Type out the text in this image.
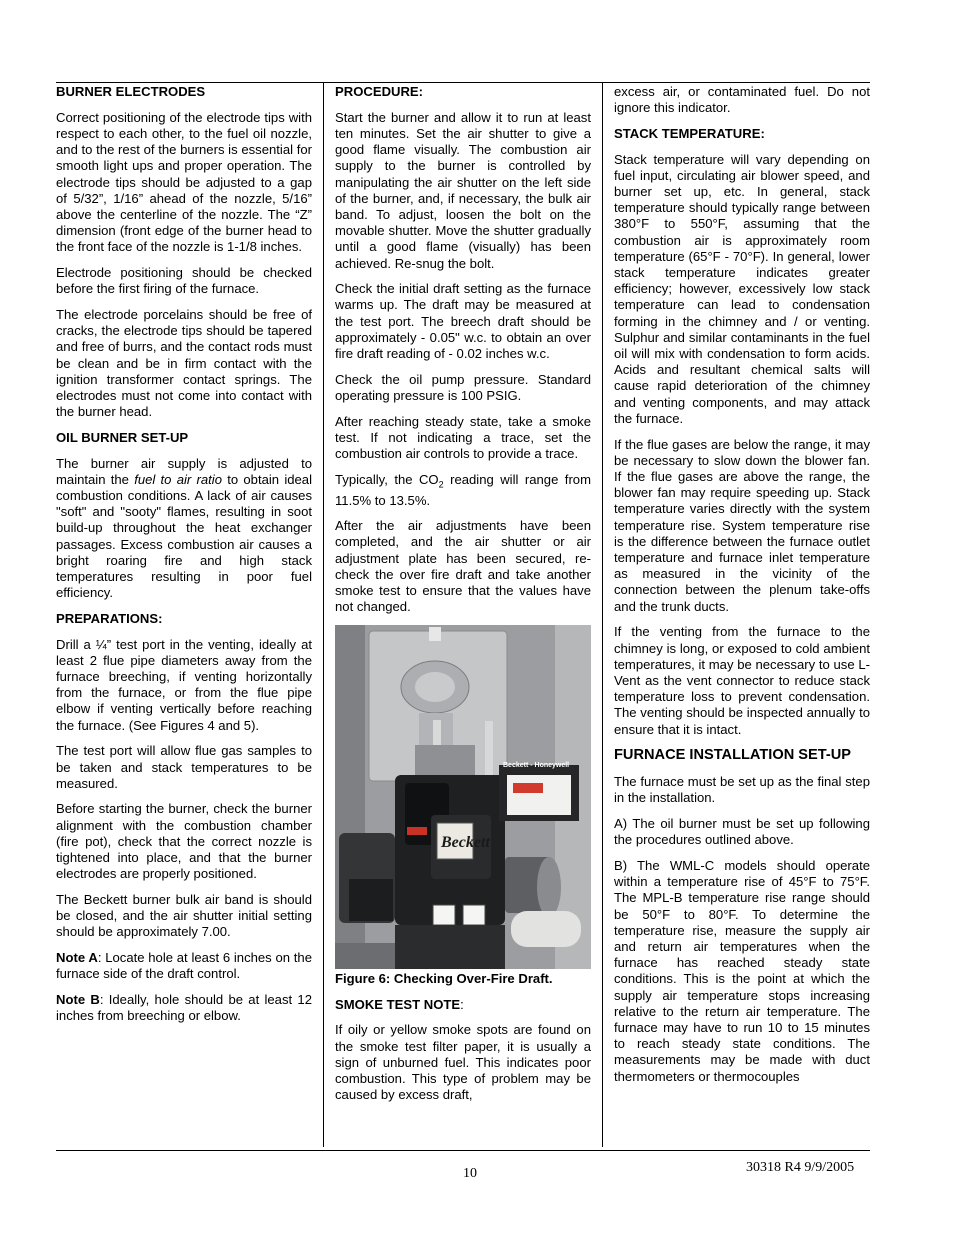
BURNER ELECTRODES

Correct positioning of the electrode tips with respect to each other, to the fuel oil nozzle, and to the rest of the burners is essential for smooth light ups and proper operation. The electrode tips should be adjusted to a gap of 5/32”, 1/16” ahead of the nozzle, 5/16” above the centerline of the nozzle. The “Z” dimension (front edge of the burner head to the front face of the nozzle is 1-1/8 inches.

Electrode positioning should be checked before the first firing of the furnace.

The electrode porcelains should be free of cracks, the electrode tips should be tapered and free of burrs, and the contact rods must be clean and be in firm contact with the ignition transformer contact springs. The electrodes must not come into contact with the burner head.

OIL BURNER SET-UP

The burner air supply is adjusted to maintain the fuel to air ratio to obtain ideal combustion conditions. A lack of air causes "soft" and "sooty" flames, resulting in soot build-up throughout the heat exchanger passages. Excess combustion air causes a bright roaring fire and high stack temperatures resulting in poor fuel efficiency.

PREPARATIONS:

Drill a ¼” test port in the venting, ideally at least 2 flue pipe diameters away from the furnace breeching, if venting horizontally from the furnace, or from the flue pipe elbow if venting vertically before reaching the furnace. (See Figures 4 and 5).

The test port will allow flue gas samples to be taken and stack temperatures to be measured.

Before starting the burner, check the burner alignment with the combustion chamber (fire pot), check that the correct nozzle is tightened into place, and that the burner electrodes are properly positioned.

The Beckett burner bulk air band is should be closed, and the air shutter initial setting should be approximately 7.00.

Note A: Locate hole at least 6 inches on the furnace side of the draft control.

Note B: Ideally, hole should be at least 12 inches from breeching or elbow.

PROCEDURE:

Start the burner and allow it to run at least ten minutes. Set the air shutter to give a good flame visually. The combustion air supply to the burner is controlled by manipulating the air shutter on the left side of the burner, and, if necessary, the bulk air band. To adjust, loosen the bolt on the movable shutter. Move the shutter gradually until a good flame (visually) has been achieved. Re-snug the bolt.

Check the initial draft setting as the furnace warms up. The draft may be measured at the test port. The breech draft should be approximately - 0.05" w.c. to obtain an over fire draft reading of - 0.02 inches w.c.

Check the oil pump pressure. Standard operating pressure is 100 PSIG.

After reaching steady state, take a smoke test. If not indicating a trace, set the combustion air controls to provide a trace.

Typically, the $CO_2$ reading will range from 11.5% to 13.5%.

After the air adjustments have been completed, and the air shutter or air adjustment plate has been secured, re-check the over fire draft and take another smoke test to ensure that the values have not changed.

Beckett - Honeywell
Beckett

Figure 6: Checking Over-Fire Draft.

SMOKE TEST NOTE:

If oily or yellow smoke spots are found on the smoke test filter paper, it is usually a sign of unburned fuel. This indicates poor combustion. This type of problem may be caused by excess draft,

excess air, or contaminated fuel. Do not ignore this indicator.

STACK TEMPERATURE:

Stack temperature will vary depending on fuel input, circulating air blower speed, and burner set up, etc. In general, stack temperature should typically range between 380°F to 550°F, assuming that the combustion air is approximately room temperature (65°F - 70°F). In general, lower stack temperature indicates greater efficiency; however, excessively low stack temperature can lead to condensation forming in the chimney and / or venting. Sulphur and similar contaminants in the fuel oil will mix with condensation to form acids. Acids and resultant chemical salts will cause rapid deterioration of the chimney and venting components, and may attack the furnace.

If the flue gases are below the range, it may be necessary to slow down the blower fan. If the flue gases are above the range, the blower fan may require speeding up. Stack temperature varies directly with the system temperature rise. System temperature rise is the difference between the furnace outlet temperature and furnace inlet temperature as measured in the vicinity of the connection between the plenum take-offs and the trunk ducts.

If the venting from the furnace to the chimney is long, or exposed to cold ambient temperatures, it may be necessary to use L-Vent as the vent connector to reduce stack temperature loss to prevent condensation. The venting should be inspected annually to ensure that it is intact.

FURNACE INSTALLATION SET-UP

The furnace must be set up as the final step in the installation.

A) The oil burner must be set up following the procedures outlined above.

B) The WML-C models should operate within a temperature rise of 45°F to 75°F. The MPL-B temperature rise range should be 50°F to 80°F. To determine the temperature rise, measure the supply air and return air temperatures when the furnace has reached steady state conditions. This is the point at which the supply air temperature stops increasing relative to the return air temperature. The furnace may have to run 10 to 15 minutes to reach steady state conditions. The measurements may be made with duct thermometers or thermocouples

10	30318 R4 9/9/2005
